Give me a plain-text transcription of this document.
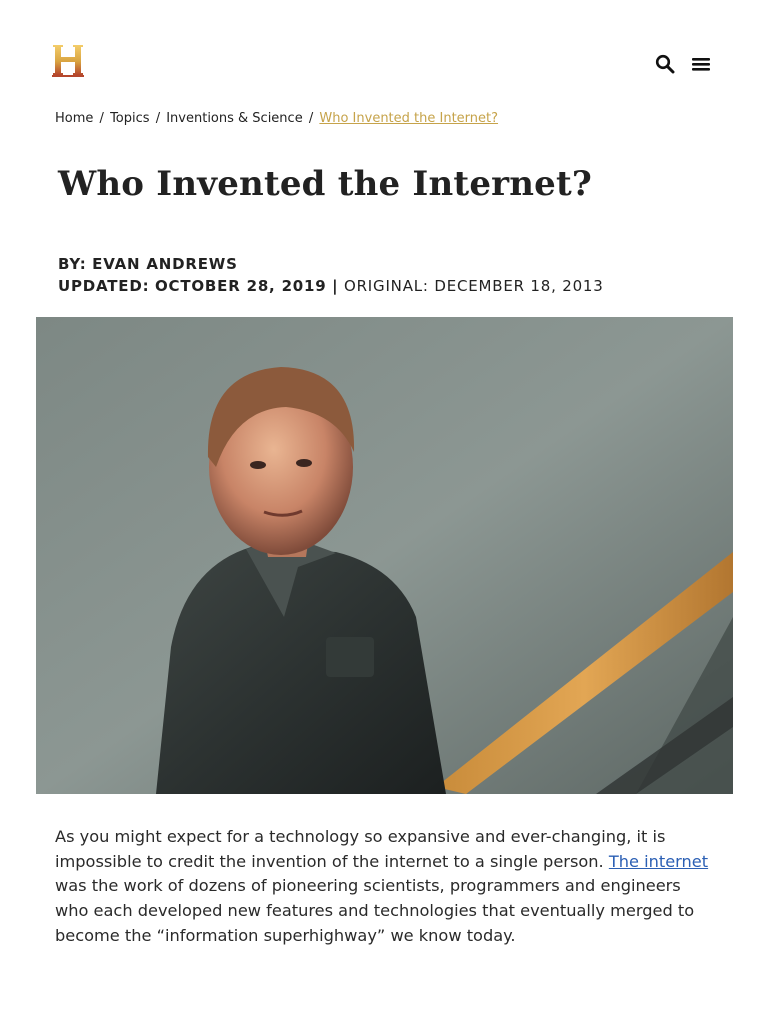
Home / Topics / Inventions & Science / Who Invented the Internet?
Who Invented the Internet?
BY: EVAN ANDREWS
UPDATED: OCTOBER 28, 2019 | ORIGINAL: DECEMBER 18, 2013

As you might expect for a technology so expansive and ever-changing, it is impossible to credit the invention of the internet to a single person. The internet was the work of dozens of pioneering scientists, programmers and engineers who each developed new features and technologies that eventually merged to become the “information superhighway” we know today.
